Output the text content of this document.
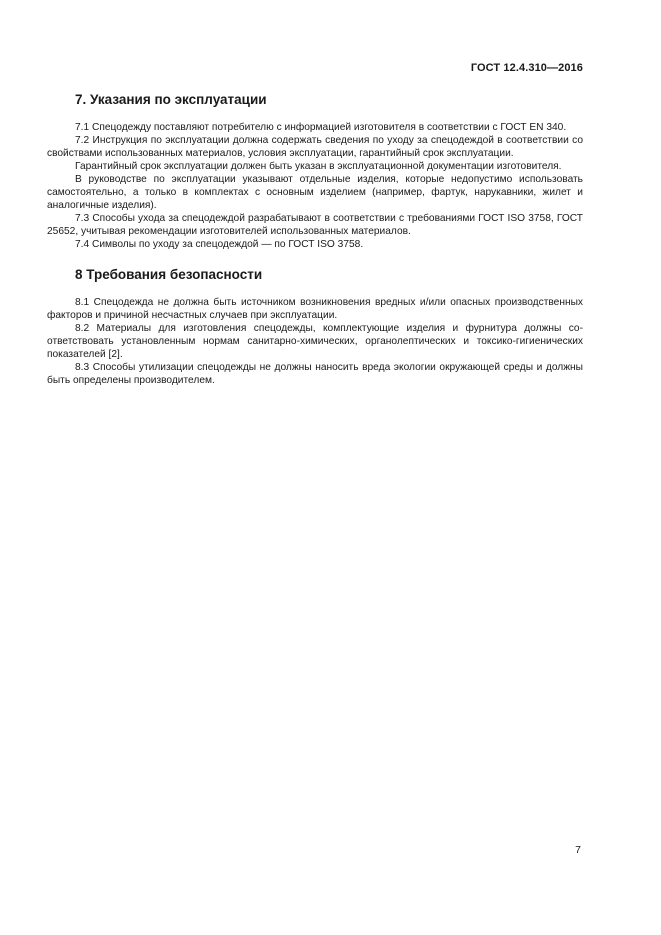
ГОСТ 12.4.310—2016
7. Указания по эксплуатации

7.1 Спецодежду поставляют потребителю с информацией изготовителя в соответствии с ГОСТ EN 340.

7.2 Инструкция по эксплуатации должна содержать сведения по уходу за спецодеждой в соответствии со свойствами использованных материалов, условия эксплуатации, гарантийный срок эксплуатации.

Гарантийный срок эксплуатации должен быть указан в эксплуатационной документации изготовителя.

В руководстве по эксплуатации указывают отдельные изделия, которые недопустимо использовать самостоятельно, а только в комплектах с основным изделием (например, фартук, нарукавники, жилет и аналогичные изделия).

7.3 Способы ухода за спецодеждой разрабатывают в соответствии с требованиями ГОСТ ISO 3758, ГОСТ 25652, учитывая рекомендации изготовителей использованных материалов.

7.4 Символы по уходу за спецодеждой — по ГОСТ ISO 3758.

8 Требования безопасности

8.1 Спецодежда не должна быть источником возникновения вредных и/или опасных производственных факторов и причиной несчастных случаев при эксплуатации.

8.2 Материалы для изготовления спецодежды, комплектующие изделия и фурнитура должны соответствовать установленным нормам санитарно-химических, органолептических и токсико-гигиенических показателей [2].

8.3 Способы утилизации спецодежды не должны наносить вреда экологии окружающей среды и должны быть определены производителем.

7
